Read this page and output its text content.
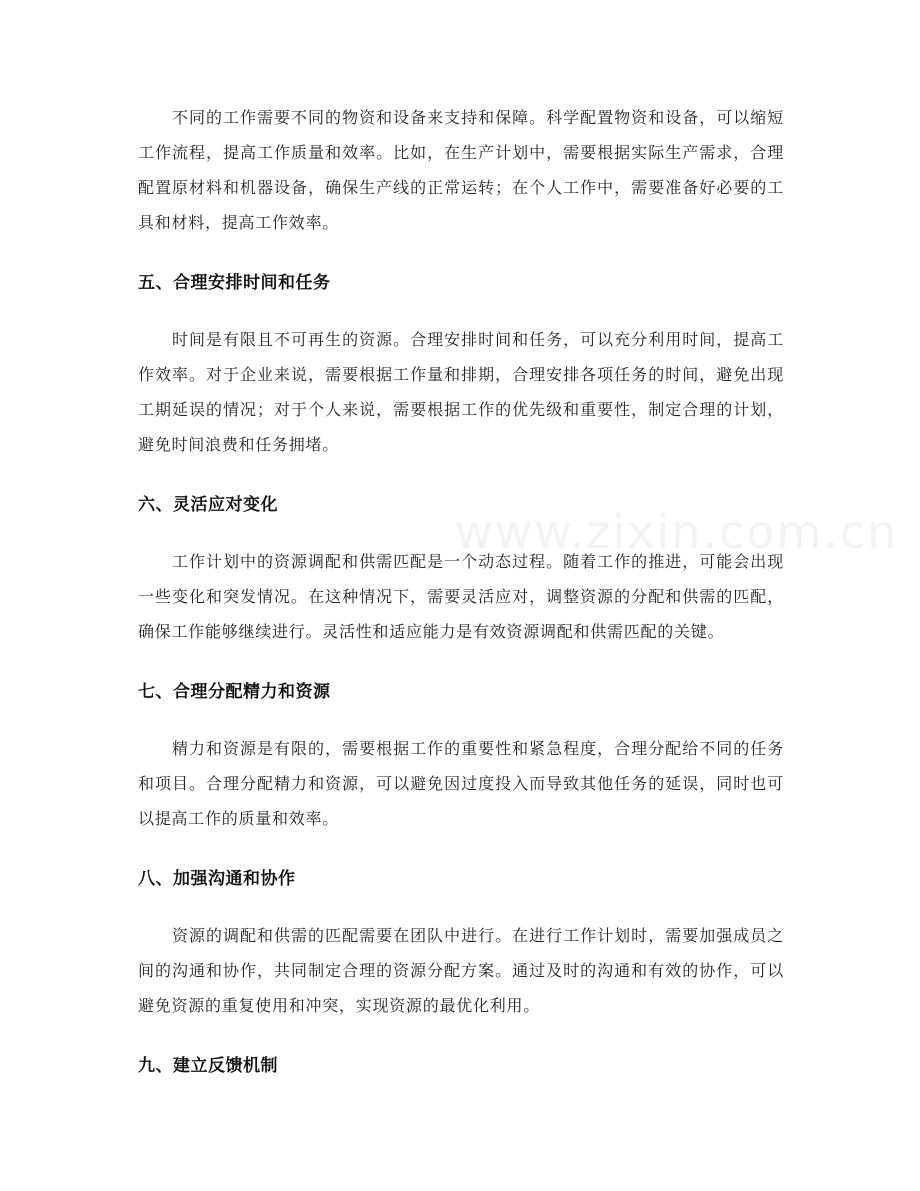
www.zixin.com.cn

不同的工作需要不同的物资和设备来支持和保障。科学配置物资和设备，可以缩短工作流程，提高工作质量和效率。比如，在生产计划中，需要根据实际生产需求，合理配置原材料和机器设备，确保生产线的正常运转；在个人工作中，需要准备好必要的工具和材料，提高工作效率。

五、合理安排时间和任务

时间是有限且不可再生的资源。合理安排时间和任务，可以充分利用时间，提高工作效率。对于企业来说，需要根据工作量和排期，合理安排各项任务的时间，避免出现工期延误的情况；对于个人来说，需要根据工作的优先级和重要性，制定合理的计划，避免时间浪费和任务拥堵。

六、灵活应对变化

工作计划中的资源调配和供需匹配是一个动态过程。随着工作的推进，可能会出现一些变化和突发情况。在这种情况下，需要灵活应对，调整资源的分配和供需的匹配，确保工作能够继续进行。灵活性和适应能力是有效资源调配和供需匹配的关键。

七、合理分配精力和资源

精力和资源是有限的，需要根据工作的重要性和紧急程度，合理分配给不同的任务和项目。合理分配精力和资源，可以避免因过度投入而导致其他任务的延误，同时也可以提高工作的质量和效率。

八、加强沟通和协作

资源的调配和供需的匹配需要在团队中进行。在进行工作计划时，需要加强成员之间的沟通和协作，共同制定合理的资源分配方案。通过及时的沟通和有效的协作，可以避免资源的重复使用和冲突，实现资源的最优化利用。

九、建立反馈机制
